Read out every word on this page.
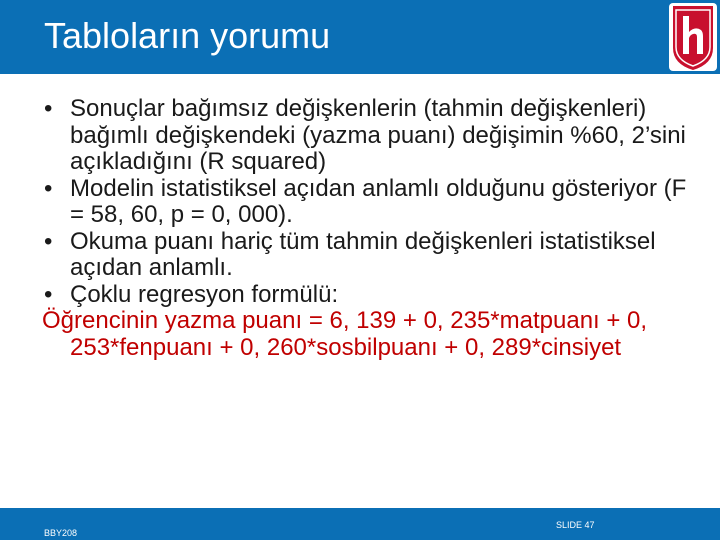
Tabloların yorumu
• Sonuçlar bağımsız değişkenlerin (tahmin değişkenleri) bağımlı değişkendeki (yazma puanı) değişimin %60, 2’sini açıkladığını (R squared)
• Modelin istatistiksel açıdan anlamlı olduğunu gösteriyor (F = 58, 60, p = 0, 000).
• Okuma puanı hariç tüm tahmin değişkenleri istatistiksel açıdan anlamlı.
• Çoklu regresyon formülü:
Öğrencinin yazma puanı = 6, 139 + 0, 235*matpuanı + 0, 253*fenpuanı + 0, 260*sosbilpuanı + 0, 289*cinsiyet
BBY208
SLIDE 47
